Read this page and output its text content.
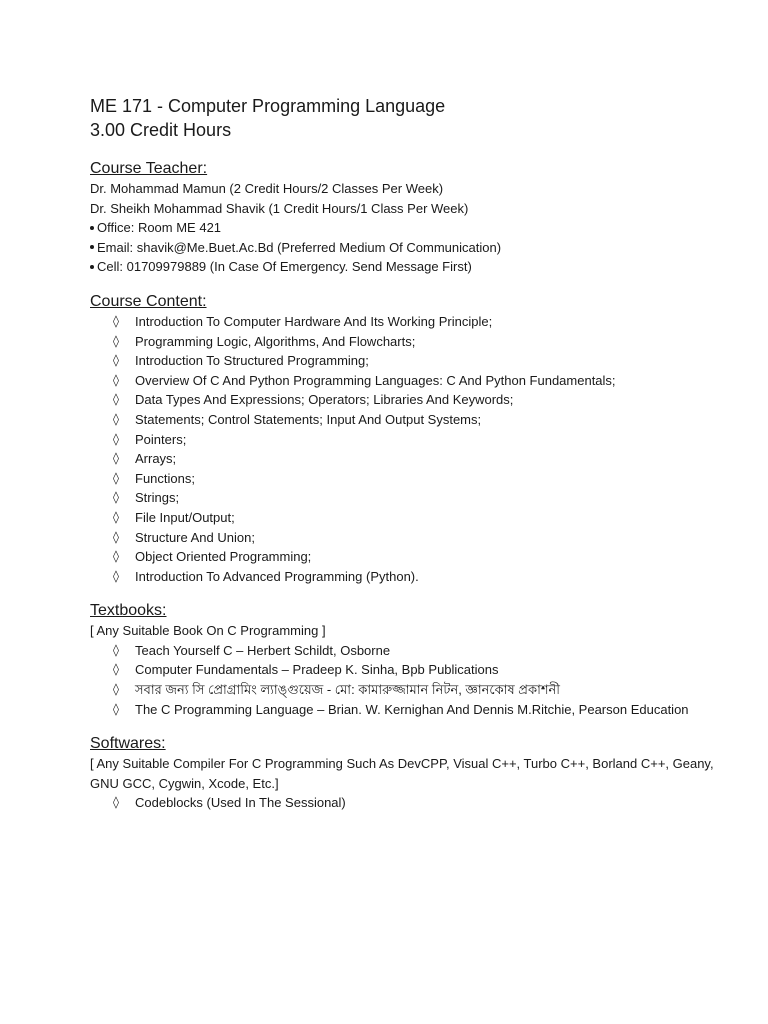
ME 171 - Computer Programming Language
3.00 Credit Hours
Course Teacher:

Dr. Mohammad Mamun (2 Credit Hours/2 Classes Per Week)

Dr. Sheikh Mohammad Shavik (1 Credit Hours/1 Class Per Week)

Office: Room ME 421

Email: shavik@Me.Buet.Ac.Bd (Preferred Medium Of Communication)

Cell: 01709979889 (In Case Of Emergency. Send Message First)

Course Content:
◊ Introduction To Computer Hardware And Its Working Principle;
◊ Programming Logic, Algorithms, And Flowcharts;
◊ Introduction To Structured Programming;
◊ Overview Of C And Python Programming Languages: C And Python Fundamentals;
◊ Data Types And Expressions; Operators; Libraries And Keywords;
◊ Statements; Control Statements; Input And Output Systems;
◊ Pointers;
◊ Arrays;
◊ Functions;
◊ Strings;
◊ File Input/Output;
◊ Structure And Union;
◊ Object Oriented Programming;
◊ Introduction To Advanced Programming (Python).
Textbooks:

[ Any Suitable Book On C Programming ]

◊ Teach Yourself C – Herbert Schildt, Osborne
◊ Computer Fundamentals – Pradeep K. Sinha, Bpb Publications
◊ সবার জন্য সি প্রোগ্রামিং ল্যাঙ্গুয়েজ - মো: কামারুজ্জামান নিটন, জ্ঞানকোষ প্রকাশনী
◊ The C Programming Language – Brian. W. Kernighan And Dennis M.Ritchie, Pearson Education
Softwares:

[ Any Suitable Compiler For C Programming Such As DevCPP, Visual C++, Turbo C++, Borland C++, Geany, GNU GCC, Cygwin, Xcode, Etc.]

◊ Codeblocks (Used In The Sessional)
